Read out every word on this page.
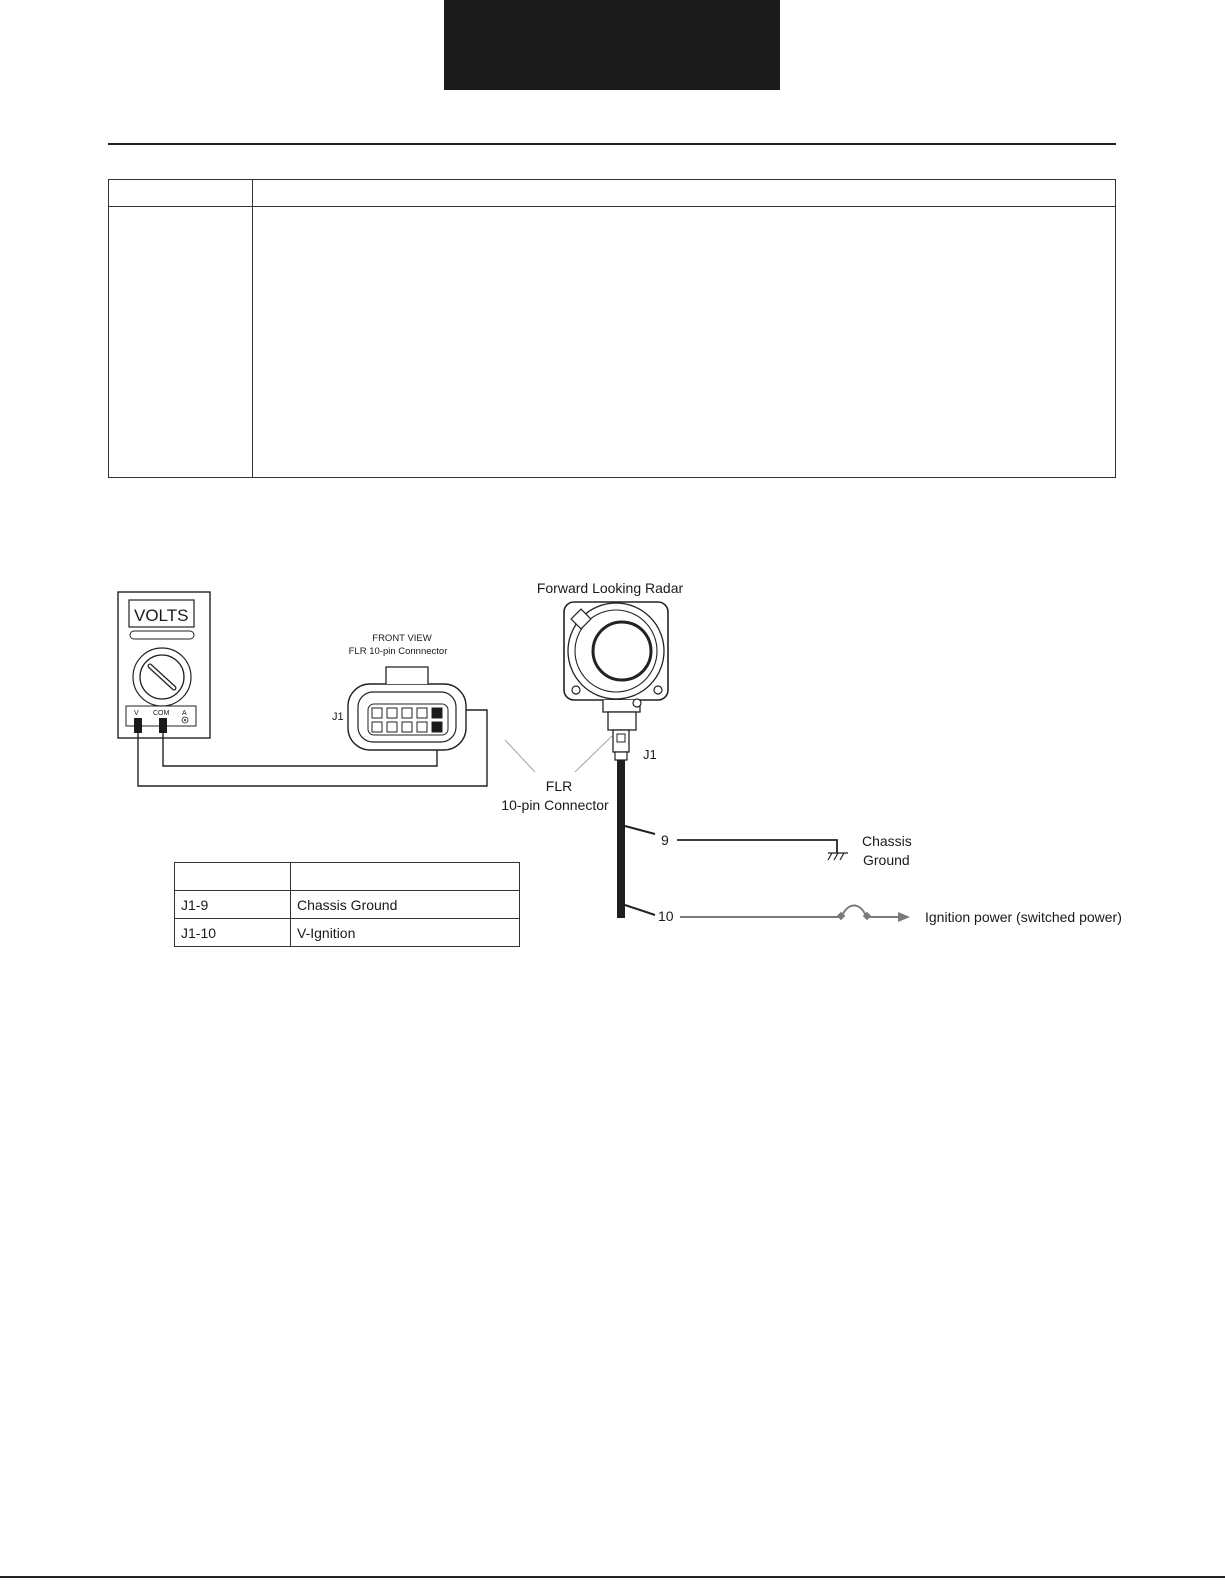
VOLTS
V COM A
FRONT VIEW
FLR 10-pin Connnector
J1
FLR
10-pin Connector
Forward Looking Radar
J1
9	Chassis
Ground
10	Ignition power (switched power)

J1-9	Chassis Ground
J1-10	V-Ignition
